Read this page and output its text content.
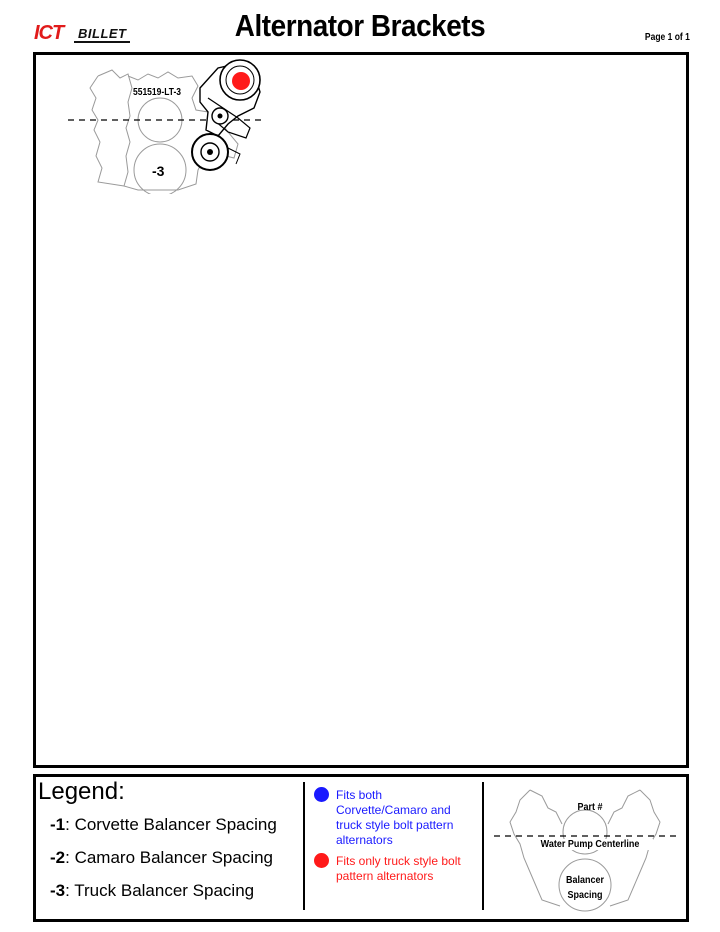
ICT BILLET	Alternator Brackets	Page 1 of 1
551519-LT-3
-3
Legend:
-1: Corvette Balancer Spacing
-2: Camaro Balancer Spacing
-3: Truck Balancer Spacing
Fits both Corvette/Camaro and truck style bolt pattern alternators
Fits only truck style bolt pattern alternators
Part #
Water Pump Centerline
Balancer
Spacing
